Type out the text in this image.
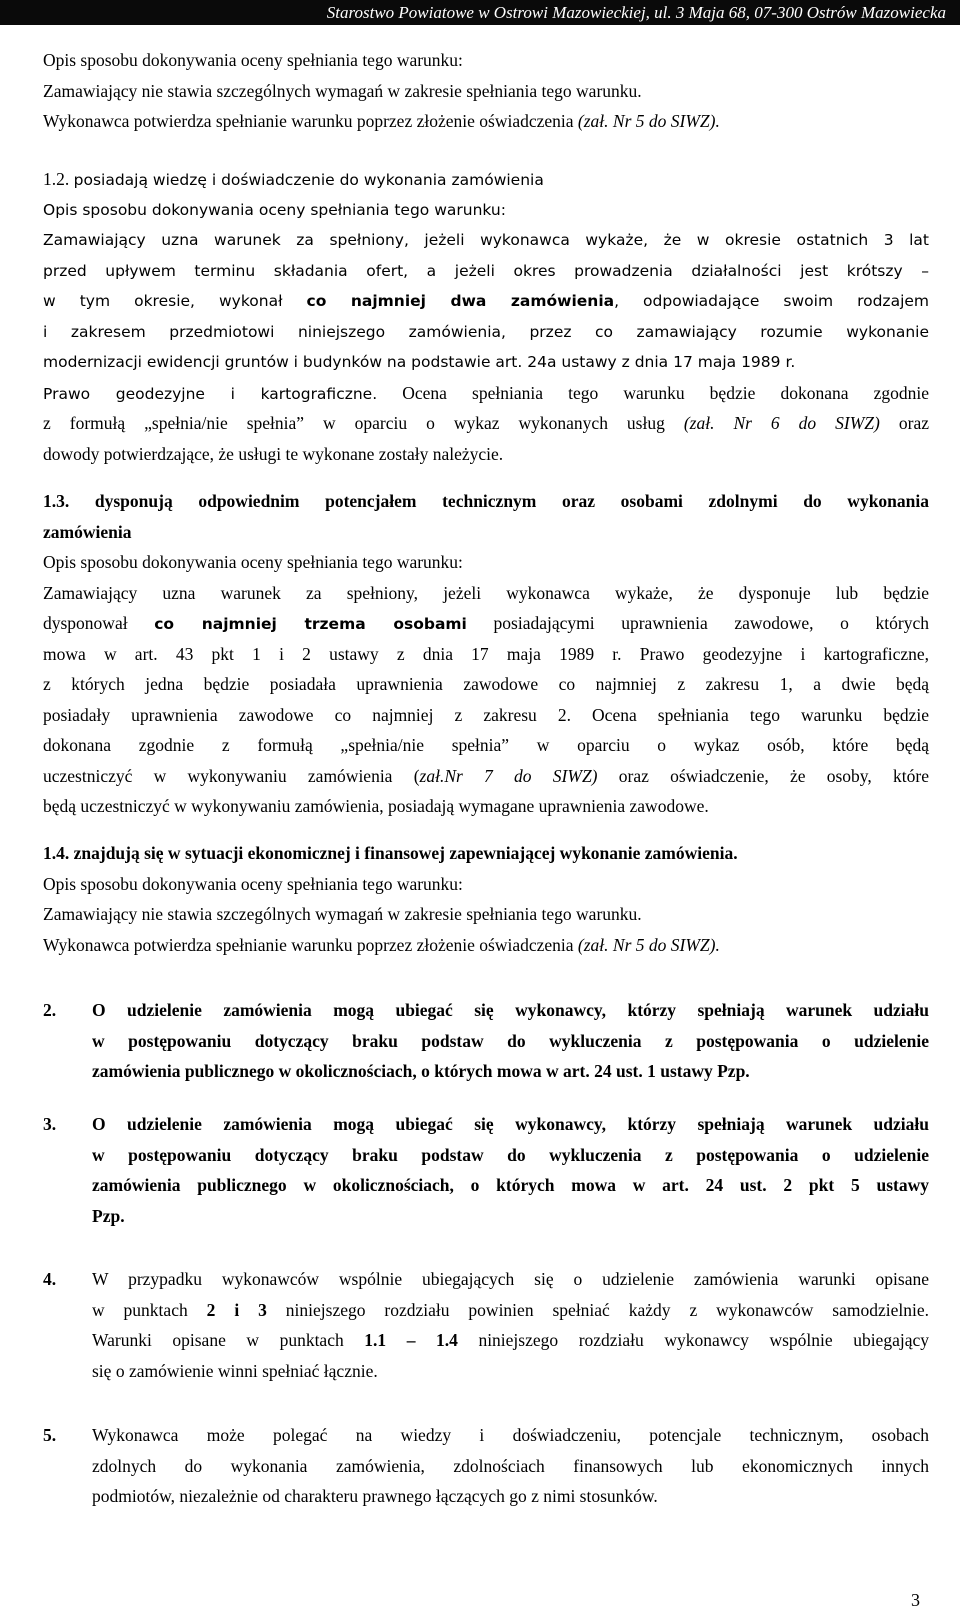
Starostwo Powiatowe w Ostrowi Mazowieckiej, ul. 3 Maja 68, 07-300 Ostrów Mazowiecka
Opis sposobu dokonywania oceny spełniania tego warunku:
Zamawiający nie stawia szczególnych wymagań w zakresie spełniania tego warunku.
Wykonawca potwierdza spełnianie warunku poprzez złożenie oświadczenia (zał. Nr 5 do SIWZ).
1.2. posiadają wiedzę i doświadczenie do wykonania zamówienia
Opis sposobu dokonywania oceny spełniania tego warunku:
Zamawiający uzna warunek za spełniony, jeżeli wykonawca wykaże, że w okresie ostatnich 3 lat
przed upływem terminu składania ofert, a jeżeli okres prowadzenia działalności jest krótszy –
w tym okresie, wykonał co najmniej dwa zamówienia, odpowiadające swoim rodzajem
i zakresem przedmiotowi niniejszego zamówienia, przez co zamawiający rozumie wykonanie
modernizacji ewidencji gruntów i budynków na podstawie art. 24a ustawy z dnia 17 maja 1989 r.
Prawo geodezyjne i kartograficzne. Ocena spełniania tego warunku będzie dokonana zgodnie
z formułą „spełnia/nie spełnia” w oparciu o wykaz wykonanych usług (zał. Nr 6 do SIWZ) oraz
dowody potwierdzające, że usługi te wykonane zostały należycie.
1.3. dysponują odpowiednim potencjałem technicznym oraz osobami zdolnymi do wykonania
zamówienia
Opis sposobu dokonywania oceny spełniania tego warunku:
Zamawiający uzna warunek za spełniony, jeżeli wykonawca wykaże, że dysponuje lub będzie
dysponował co najmniej trzema osobami posiadającymi uprawnienia zawodowe, o których
mowa w art. 43 pkt 1 i 2 ustawy z dnia 17 maja 1989 r. Prawo geodezyjne i kartograficzne,
z których jedna będzie posiadała uprawnienia zawodowe co najmniej z zakresu 1, a dwie będą
posiadały uprawnienia zawodowe co najmniej z zakresu 2. Ocena spełniania tego warunku będzie
dokonana zgodnie z formułą „spełnia/nie spełnia” w oparciu o wykaz osób, które będą
uczestniczyć w wykonywaniu zamówienia (zał.Nr 7 do SIWZ) oraz oświadczenie, że osoby, które
będą uczestniczyć w wykonywaniu zamówienia, posiadają wymagane uprawnienia zawodowe.
1.4. znajdują się w sytuacji ekonomicznej i finansowej zapewniającej wykonanie zamówienia.
Opis sposobu dokonywania oceny spełniania tego warunku:
Zamawiający nie stawia szczególnych wymagań w zakresie spełniania tego warunku.
Wykonawca potwierdza spełnianie warunku poprzez złożenie oświadczenia (zał. Nr 5 do SIWZ).
2. O udzielenie zamówienia mogą ubiegać się wykonawcy, którzy spełniają warunek udziału
w postępowaniu dotyczący braku podstaw do wykluczenia z postępowania o udzielenie
zamówienia publicznego w okolicznościach, o których mowa w art. 24 ust. 1 ustawy Pzp.
3. O udzielenie zamówienia mogą ubiegać się wykonawcy, którzy spełniają warunek udziału
w postępowaniu dotyczący braku podstaw do wykluczenia z postępowania o udzielenie
zamówienia publicznego w okolicznościach, o których mowa w art. 24 ust. 2 pkt 5 ustawy
Pzp.
4. W przypadku wykonawców wspólnie ubiegających się o udzielenie zamówienia warunki opisane
w punktach 2 i 3 niniejszego rozdziału powinien spełniać każdy z wykonawców samodzielnie.
Warunki opisane w punktach 1.1 – 1.4 niniejszego rozdziału wykonawcy wspólnie ubiegający
się o zamówienie winni spełniać łącznie.
5. Wykonawca może polegać na wiedzy i doświadczeniu, potencjale technicznym, osobach
zdolnych do wykonania zamówienia, zdolnościach finansowych lub ekonomicznych innych
podmiotów, niezależnie od charakteru prawnego łączących go z nimi stosunków.
3
